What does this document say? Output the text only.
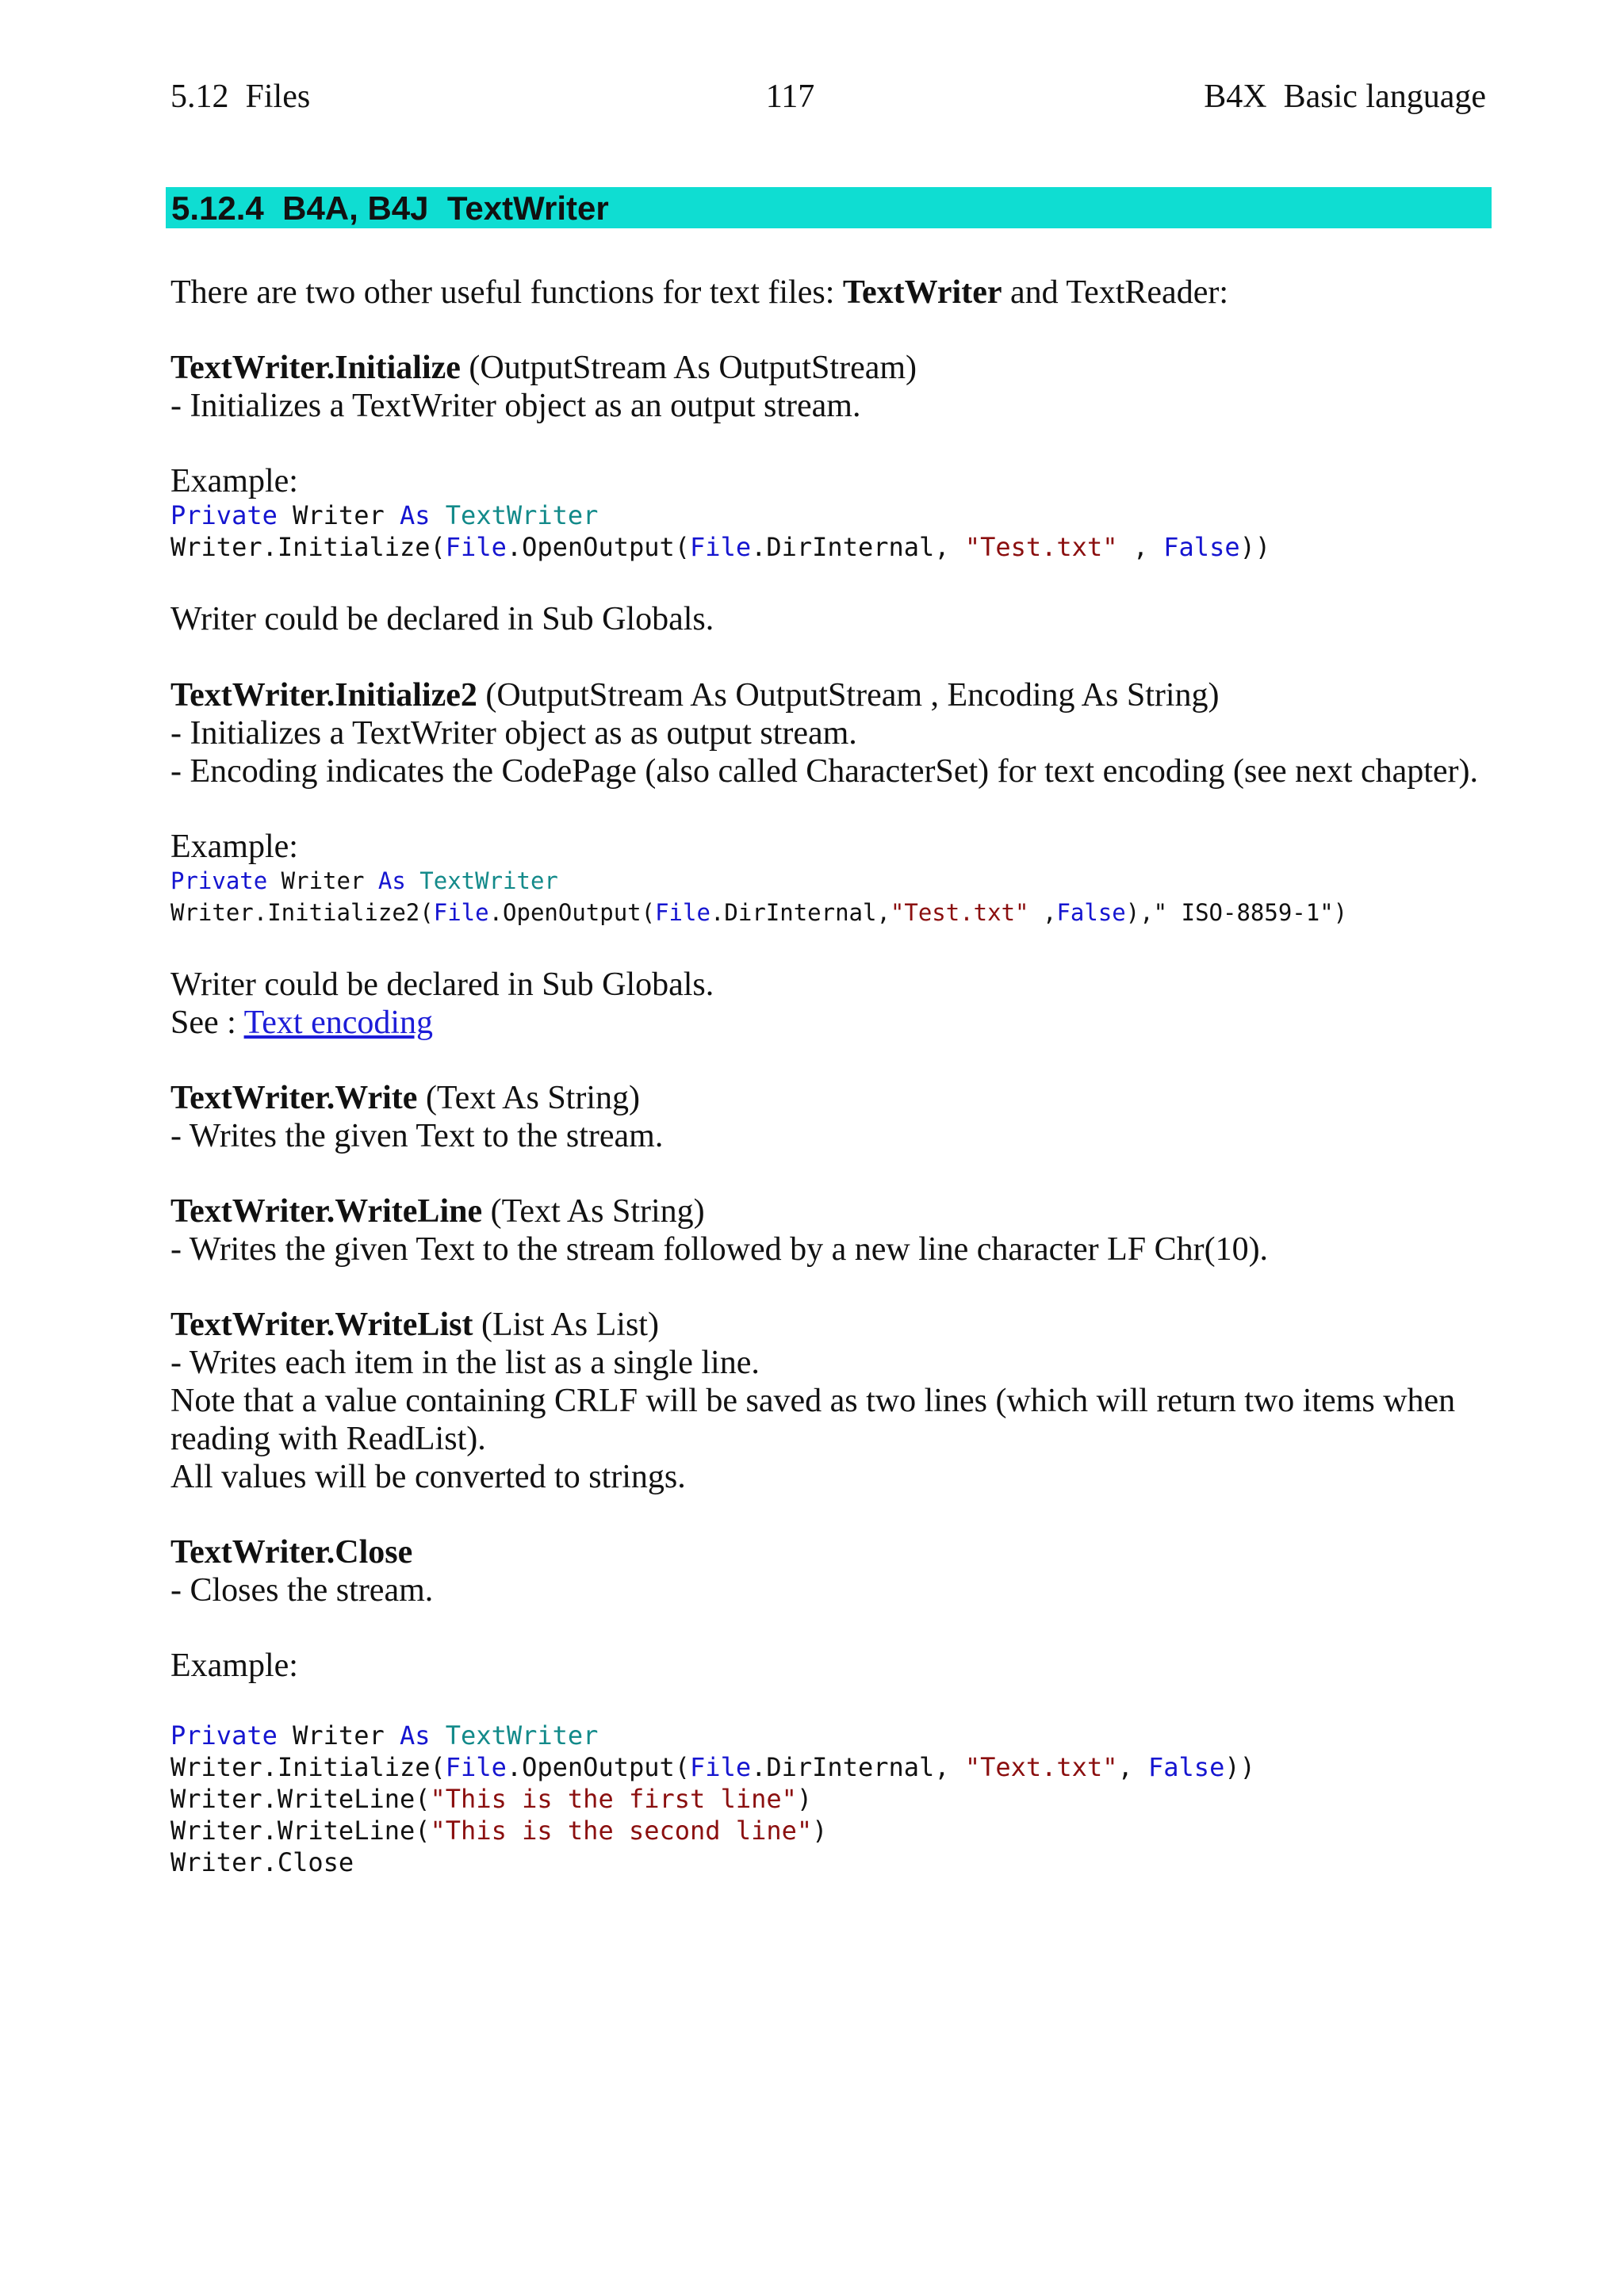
5.12  Files	117	B4X  Basic language
5.12.4  B4A, B4J  TextWriter
There are two other useful functions for text files: TextWriter and TextReader:
TextWriter.Initialize (OutputStream As OutputStream)
- Initializes a TextWriter object as an output stream.
Example:
Private Writer As TextWriter
Writer.Initialize(File.OpenOutput(File.DirInternal, "Test.txt" , False))
Writer could be declared in Sub Globals.
TextWriter.Initialize2 (OutputStream As OutputStream , Encoding As String)
- Initializes a TextWriter object as as output stream.
- Encoding indicates the CodePage (also called CharacterSet) for text encoding (see next chapter).
Example:
Private Writer As TextWriter
Writer.Initialize2(File.OpenOutput(File.DirInternal,"Test.txt" ,False)," ISO-8859-1")
Writer could be declared in Sub Globals.
See : Text encoding
TextWriter.Write (Text As String)
- Writes the given Text to the stream.
TextWriter.WriteLine (Text As String)
- Writes the given Text to the stream followed by a new line character LF Chr(10).
TextWriter.WriteList (List As List)
- Writes each item in the list as a single line.
Note that a value containing CRLF will be saved as two lines (which will return two items when
reading with ReadList).
All values will be converted to strings.
TextWriter.Close
- Closes the stream.
Example:
Private Writer As TextWriter
Writer.Initialize(File.OpenOutput(File.DirInternal, "Text.txt", False))
Writer.WriteLine("This is the first line")
Writer.WriteLine("This is the second line")
Writer.Close
